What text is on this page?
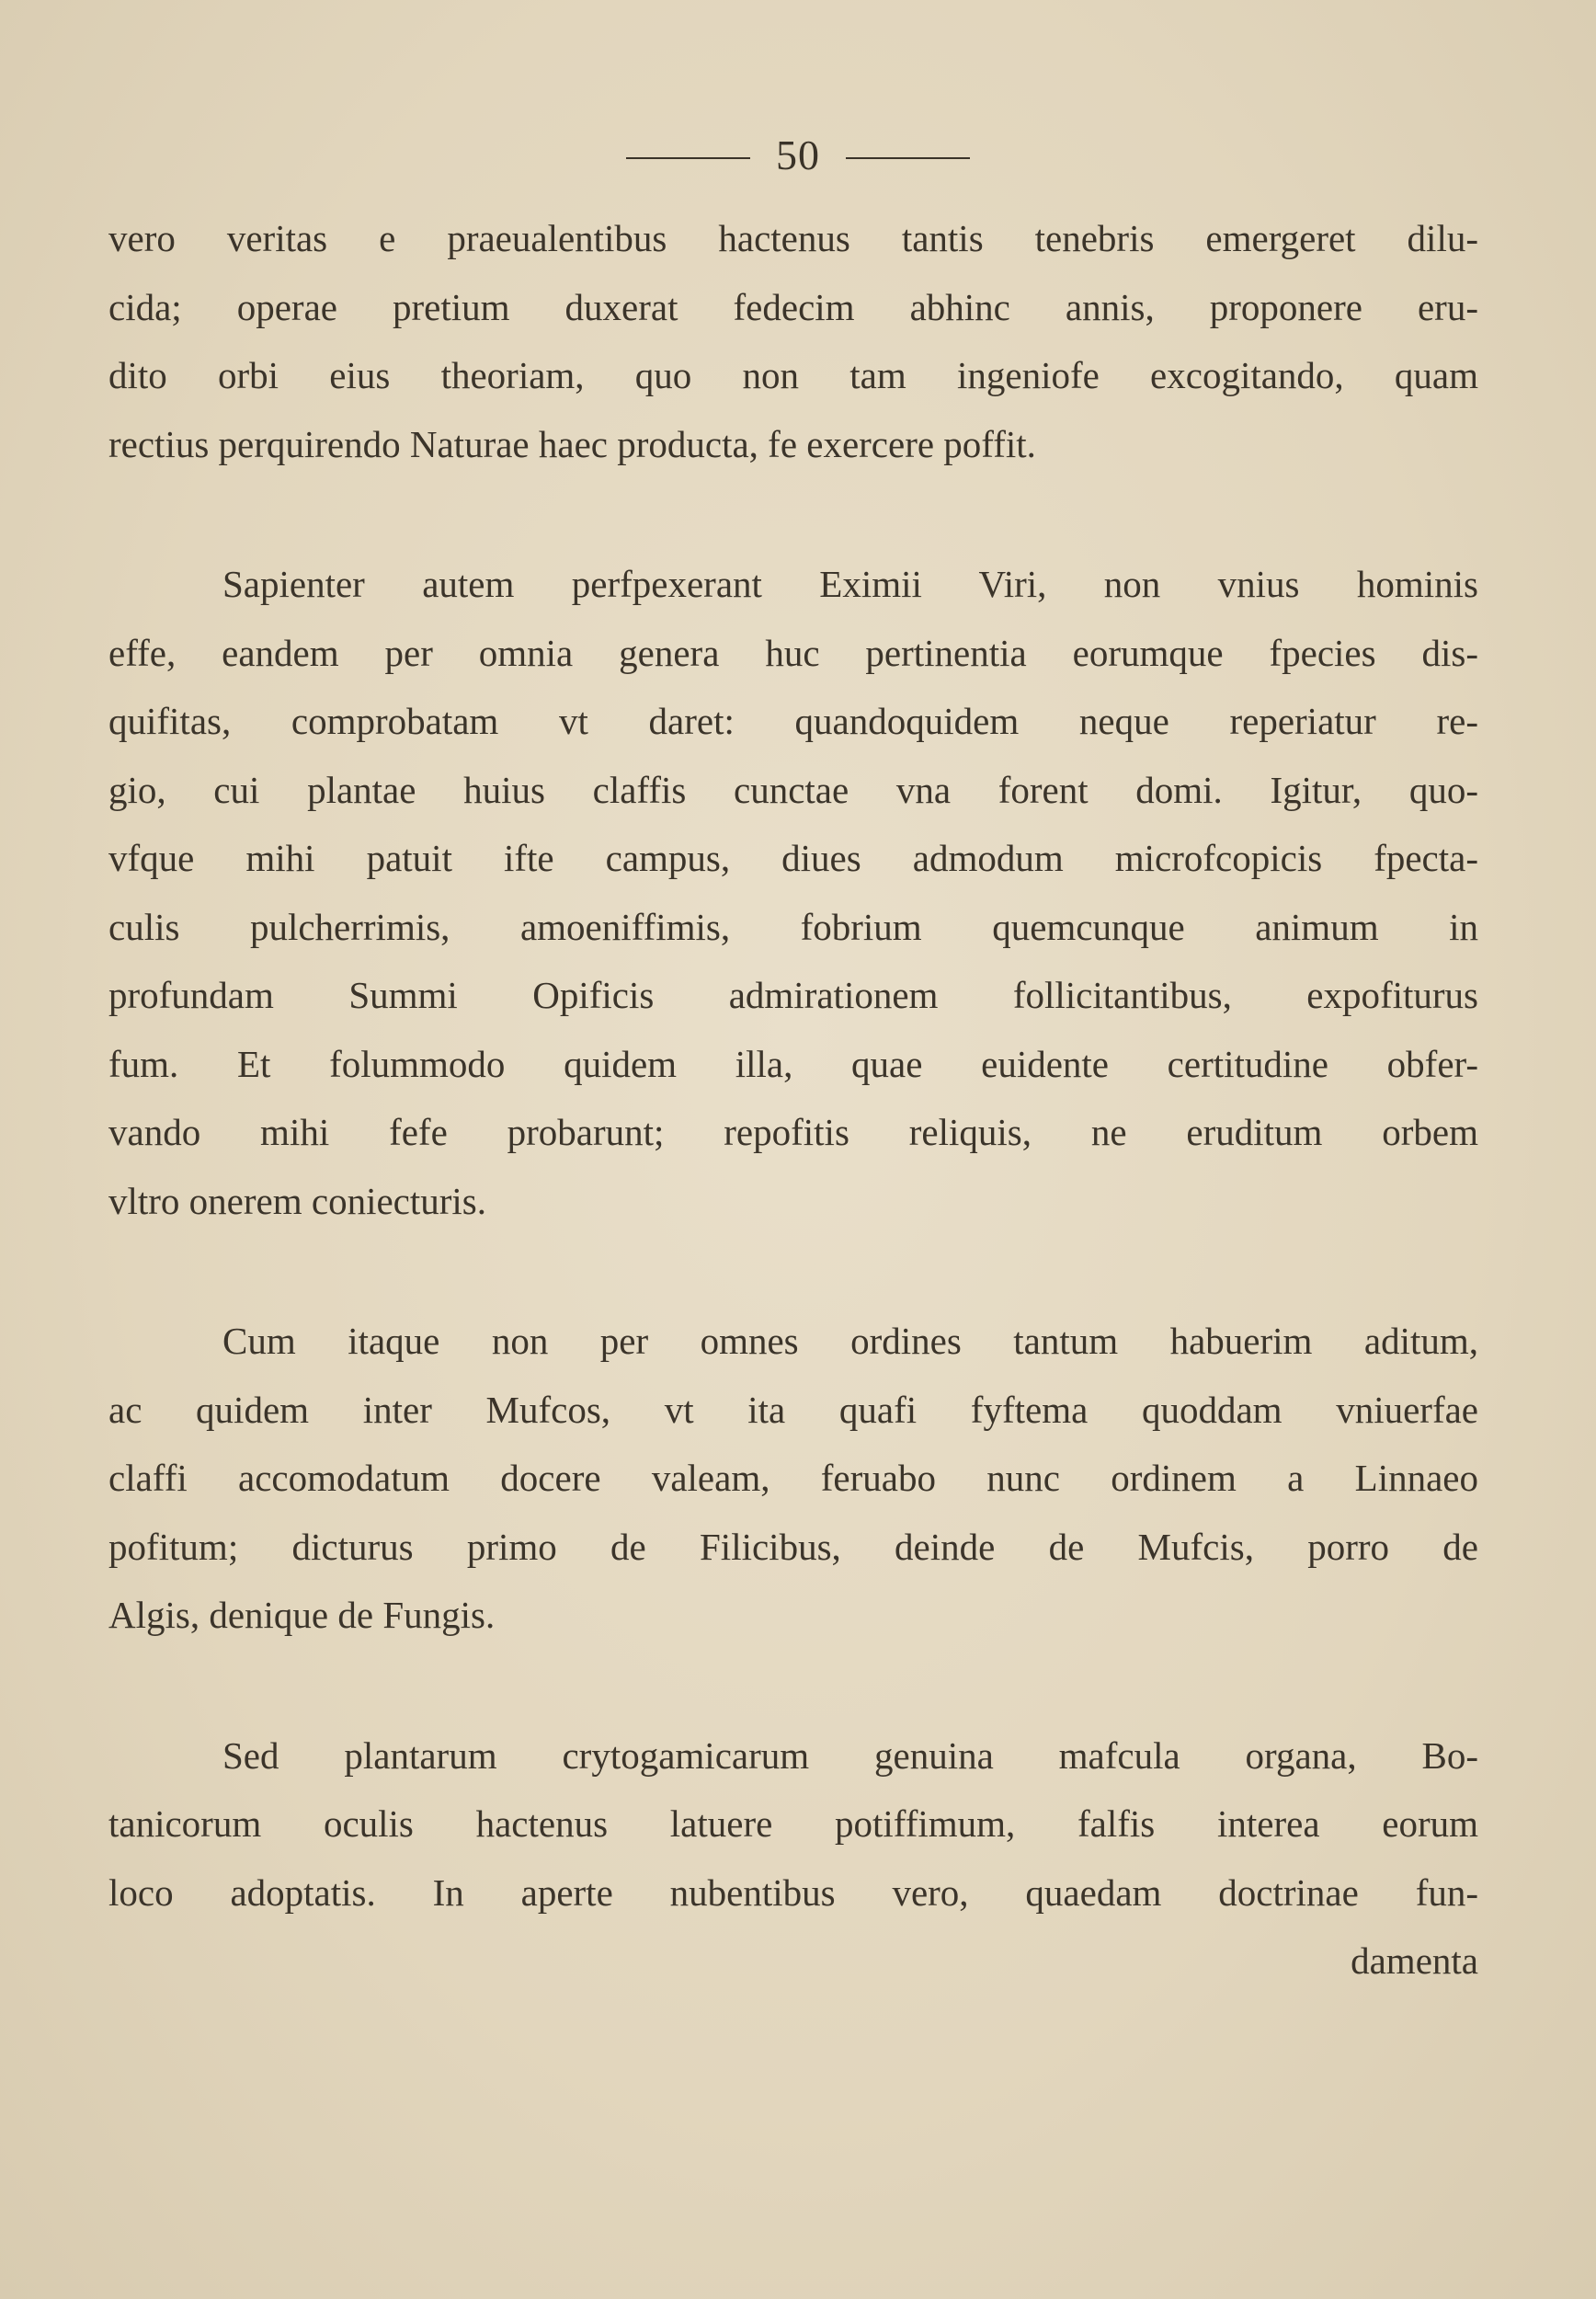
50
vero veritas e praeualentibus hactenus tantis tenebris emergeret dilu-
cida; operae pretium duxerat fedecim abhinc annis, proponere eru-
dito orbi eius theoriam, quo non tam ingeniofe excogitando, quam
rectius perquirendo Naturae haec producta, fe exercere poffit.
Sapienter autem perfpexerant Eximii Viri, non vnius hominis
effe, eandem per omnia genera huc pertinentia eorumque fpecies dis-
quifitas, comprobatam vt daret: quandoquidem neque reperiatur re-
gio, cui plantae huius claffis cunctae vna forent domi. Igitur, quo-
vfque mihi patuit ifte campus, diues admodum microfcopicis fpecta-
culis pulcherrimis, amoeniffimis, fobrium quemcunque animum in
profundam Summi Opificis admirationem follicitantibus, expofiturus
fum. Et folummodo quidem illa, quae euidente certitudine obfer-
vando mihi fefe probarunt; repofitis reliquis, ne eruditum orbem
vltro onerem coniecturis.
Cum itaque non per omnes ordines tantum habuerim aditum,
ac quidem inter Mufcos, vt ita quafi fyftema quoddam vniuerfae
claffi accomodatum docere valeam, feruabo nunc ordinem a Linnaeo
pofitum; dicturus primo de Filicibus, deinde de Mufcis, porro de
Algis, denique de Fungis.
Sed plantarum crytogamicarum genuina mafcula organa, Bo-
tanicorum oculis hactenus latuere potiffimum, falfis interea eorum
loco adoptatis. In aperte nubentibus vero, quaedam doctrinae fun-
damenta
